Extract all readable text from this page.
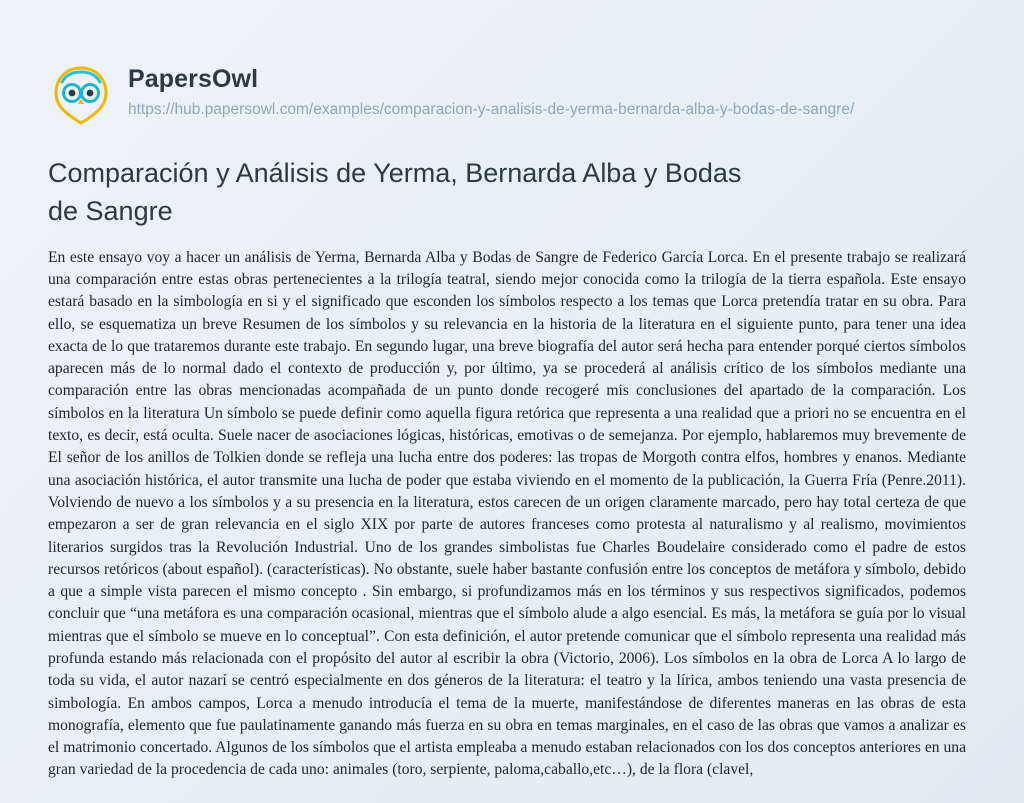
PapersOwl
https://hub.papersowl.com/examples/comparacion-y-analisis-de-yerma-bernarda-alba-y-bodas-de-sangre/
Comparación y Análisis de Yerma, Bernarda Alba y Bodas de Sangre

En este ensayo voy a hacer un análisis de Yerma, Bernarda Alba y Bodas de Sangre de Federico García Lorca. En el presente trabajo se realizará una comparación entre estas obras pertenecientes a la trilogía teatral, siendo mejor conocida como la trilogía de la tierra española. Este ensayo estará basado en la simbología en si y el significado que esconden los símbolos respecto a los temas que Lorca pretendía tratar en su obra. Para ello, se esquematiza un breve Resumen de los símbolos y su relevancia en la historia de la literatura en el siguiente punto, para tener una idea exacta de lo que trataremos durante este trabajo. En segundo lugar, una breve biografía del autor será hecha para entender porqué ciertos símbolos aparecen más de lo normal dado el contexto de producción y, por último, ya se procederá al análisis crítico de los símbolos mediante una comparación entre las obras mencionadas acompañada de un punto donde recogeré mis conclusiones del apartado de la comparación. Los símbolos en la literatura Un símbolo se puede definir como aquella figura retórica que representa a una realidad que a priori no se encuentra en el texto, es decir, está oculta. Suele nacer de asociaciones lógicas, históricas, emotivas o de semejanza. Por ejemplo, hablaremos muy brevemente de El señor de los anillos de Tolkien donde se refleja una lucha entre dos poderes: las tropas de Morgoth contra elfos, hombres y enanos. Mediante una asociación histórica, el autor transmite una lucha de poder que estaba viviendo en el momento de la publicación, la Guerra Fría (Penre.2011). Volviendo de nuevo a los símbolos y a su presencia en la literatura, estos carecen de un origen claramente marcado, pero hay total certeza de que empezaron a ser de gran relevancia en el siglo XIX por parte de autores franceses como protesta al naturalismo y al realismo, movimientos literarios surgidos tras la Revolución Industrial. Uno de los grandes simbolistas fue Charles Boudelaire considerado como el padre de estos recursos retóricos (about español). (características). No obstante, suele haber bastante confusión entre los conceptos de metáfora y símbolo, debido a que a simple vista parecen el mismo concepto . Sin embargo, si profundizamos más en los términos y sus respectivos significados, podemos concluir que “una metáfora es una comparación ocasional, mientras que el símbolo alude a algo esencial. Es más, la metáfora se guía por lo visual mientras que el símbolo se mueve en lo conceptual”. Con esta definición, el autor pretende comunicar que el símbolo representa una realidad más profunda estando más relacionada con el propósito del autor al escribir la obra (Victorio, 2006). Los símbolos en la obra de Lorca A lo largo de toda su vida, el autor nazarí se centró especialmente en dos géneros de la literatura: el teatro y la lírica, ambos teniendo una vasta presencia de simbología. En ambos campos, Lorca a menudo introducía el tema de la muerte, manifestándose de diferentes maneras en las obras de esta monografía, elemento que fue paulatinamente ganando más fuerza en su obra en temas marginales, en el caso de las obras que vamos a analizar es el matrimonio concertado. Algunos de los símbolos que el artista empleaba a menudo estaban relacionados con los dos conceptos anteriores en una gran variedad de la procedencia de cada uno: animales (toro, serpiente, paloma,caballo,etc…), de la flora (clavel,
